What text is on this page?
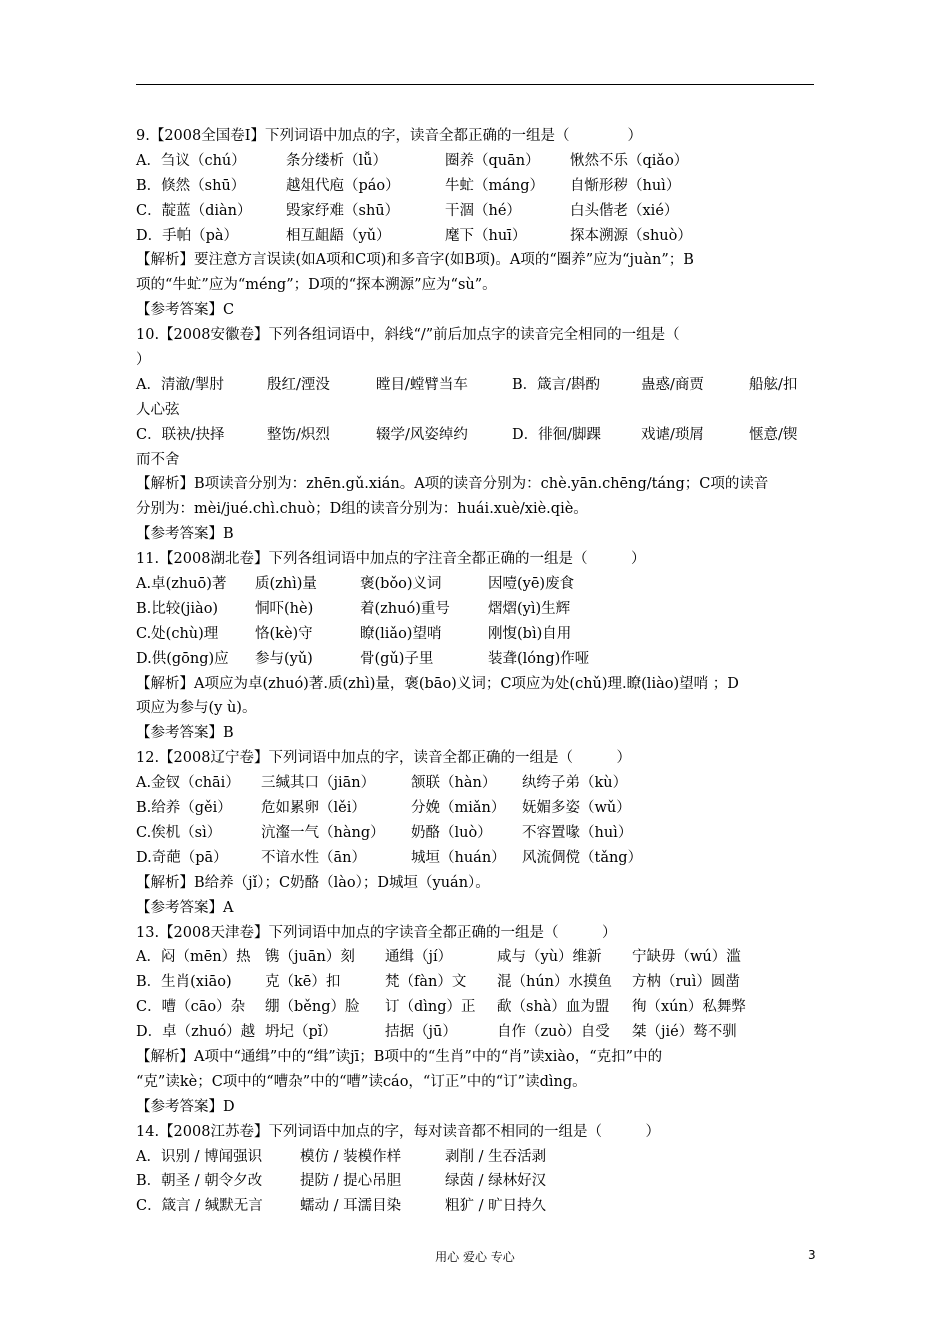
9.【2008全国卷Ⅰ】下列词语中加点的字，读音全都正确的一组是（　　　　）
A．刍议（chú）	条分缕析（lǚ）	圈养（quān） 愀然不乐（qiǎo）
B．倏然（shū）	越俎代庖（páo）	牛虻（máng） 自惭形秽（huì）
C．靛蓝（diàn） 毁家纾难（shū）	干涸（hé）	白头偕老（xié）
D．手帕（pà）	相互龃龉（yǔ）	麾下（huī）	探本溯源（shuò）
【解析】要注意方言误读(如A项和C项)和多音字(如B项)。A项的“圈养”应为“juàn”；B
项的“牛虻”应为“méng”；D项的“探本溯源”应为“sù”。
【参考答案】C
10.【2008安徽卷】下列各组词语中，斜线“/”前后加点字的读音完全相同的一组是（
）
A．清澈/掣肘	殷红/湮没	瞠目/螳臂当车	B．箴言/斟酌	蛊惑/商贾	船舷/扣
人心弦
C．联袂/抉择	整饬/炽烈	辍学/风姿绰约	D．徘徊/脚踝	戏谑/琐屑	惬意/锲
而不舍
【解析】B项读音分别为：zhēn.gǔ.xián。A项的读音分别为：chè.yān.chēng/táng；C项的读音
分别为：mèi/jué.chì.chuò；D组的读音分别为：huái.xuè/xiè.qiè。
【参考答案】B
11.【2008湖北卷】下列各组词语中加点的字注音全都正确的一组是（　　　）
A.卓(zhuō)著 质(zhì)量	褒(bǒo)义词	因噎(yē)废食
B.比较(jiào)	恫吓(hè)	着(zhuó)重号	熠熠(yì)生辉
C.处(chù)理	恪(kè)守	瞭(liǎo)望哨	刚愎(bì)自用
D.供(gōng)应 参与(yǔ)	骨(gǔ)子里	装聋(lóng)作哑
【解析】A项应为卓(zhuó)著.质(zhì)量，褒(bāo)义词；C项应为处(chǔ)理.瞭(liào)望哨 ；D
项应为参与(y ù)。
【参考答案】B
12.【2008辽宁卷】下列词语中加点的字，读音全都正确的一组是（　　　）
A.金钗（chāi） 三缄其口（jiān） 颔联（hàn） 纨绔子弟（kù）
B.给养（gěi） 危如累卵（lěi）	分娩（miǎn） 妩媚多姿（wǔ）
C.俟机（sì）	沆瀣一气（hàng） 奶酪（luò） 不容置喙（huì）
D.奇葩（pā） 不谙水性（ān）	城垣（huán） 风流倜傥（tǎng）
【解析】B给养（jǐ）；C奶酪（lào）；D城垣（yuán）。
【参考答案】A
13.【2008天津卷】下列词语中加点的字读音全都正确的一组是（　　　）
A．闷（mēn）热 镌（juān）刻 通缉（jí）	咸与（yù）维新 宁缺毋（wú）滥
B．生肖(xiāo) 克（kē）扣	梵（fàn）文 混（hún）水摸鱼 方枘（ruì）圆凿
C．嘈（cāo）杂 绷（běng）脸 订（dìng）正 歃（shà）血为盟 徇（xún）私舞弊
D．卓（zhuó）越 坍圮（pǐ）	拮据（jū）	自作（zuò）自受 桀（jié）骜不驯
【解析】A项中“通缉”中的“缉”读jī；B项中的“生肖”中的“肖”读xiào，“克扣”中的
“克”读kè；C项中的“嘈杂”中的“嘈”读cáo，“订正”中的“订”读dìng。
【参考答案】D
14.【2008江苏卷】下列词语中加点的字，每对读音都不相同的一组是（　　　）
A．识别 / 博闻强识	模仿 / 装模作样	剥削 / 生吞活剥
B．朝圣 / 朝令夕改	提防 / 提心吊胆	绿茵 / 绿林好汉
C．箴言 / 缄默无言	蠕动 / 耳濡目染	粗犷 / 旷日持久
用心 爱心 专心	3
